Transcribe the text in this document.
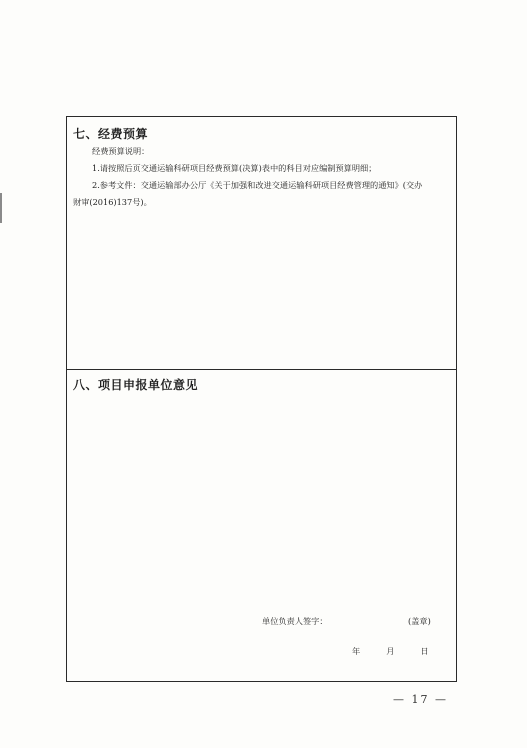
七、经费预算

经费预算说明：

1.请按照后页交通运输科研项目经费预算(决算)表中的科目对应编制预算明细；

2.参考文件：交通运输部办公厅《关于加强和改进交通运输科研项目经费管理的通知》(交办

财审(2016)137号)。

八、项目申报单位意见
单位负责人签字：	(盖章)
年	月	日
— 17 —
